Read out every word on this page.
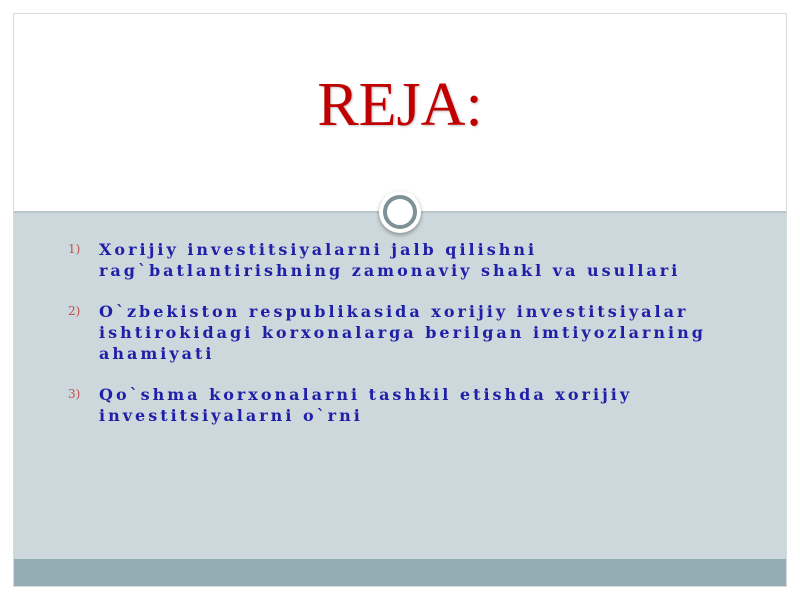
REJA:
1) Xorijiy investitsiyalarni jalb qilishni rag`batlantirishning zamonaviy shakl va usullari
2) O`zbekiston respublikasida xorijiy investitsiyalar ishtirokidagi korxonalarga berilgan imtiyozlarning ahamiyati
3) Qo`shma korxonalarni tashkil etishda xorijiy investitsiyalarni o`rni
